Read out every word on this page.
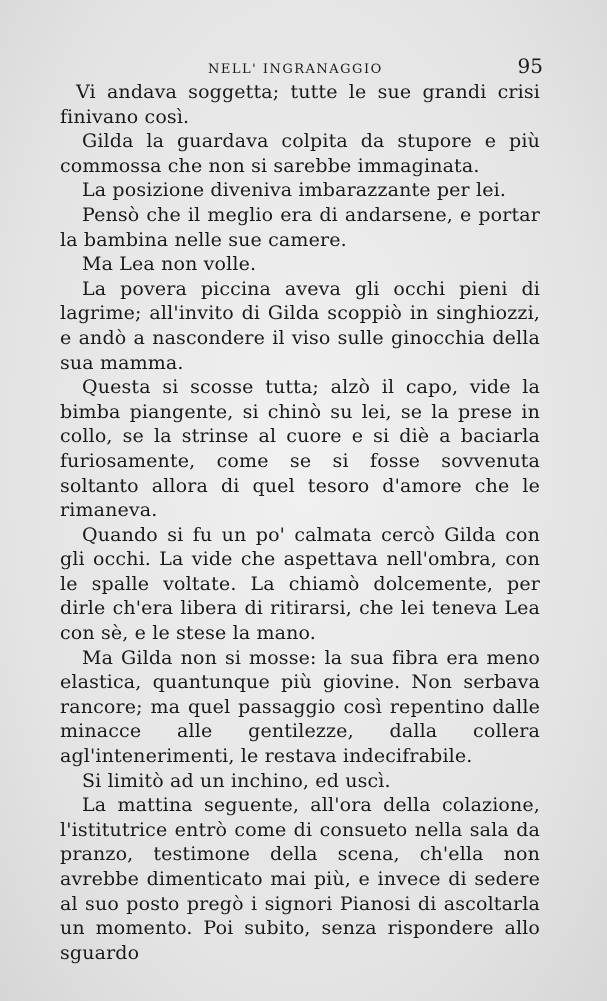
NELL' INGRANAGGIO	95

Vi andava soggetta; tutte le sue grandi crisi finivano così.

Gilda la guardava colpita da stupore e più commossa che non si sarebbe immaginata.

La posizione diveniva imbarazzante per lei.

Pensò che il meglio era di andarsene, e portar la bambina nelle sue camere.

Ma Lea non volle.

La povera piccina aveva gli occhi pieni di lagrime; all'invito di Gilda scoppiò in singhiozzi, e andò a nascondere il viso sulle ginocchia della sua mamma.

Questa si scosse tutta; alzò il capo, vide la bimba piangente, si chinò su lei, se la prese in collo, se la strinse al cuore e si diè a baciarla furiosamente, come se si fosse sovvenuta soltanto allora di quel tesoro d'amore che le rimaneva.

Quando si fu un po' calmata cercò Gilda con gli occhi. La vide che aspettava nell'ombra, con le spalle voltate. La chiamò dolcemente, per dirle ch'era libera di ritirarsi, che lei teneva Lea con sè, e le stese la mano.

Ma Gilda non si mosse: la sua fibra era meno elastica, quantunque più giovine. Non serbava rancore; ma quel passaggio così repentino dalle minacce alle gentilezze, dalla collera agl'intenerimenti, le restava indecifrabile.

Si limitò ad un inchino, ed uscì.

La mattina seguente, all'ora della colazione, l'istitutrice entrò come di consueto nella sala da pranzo, testimone della scena, ch'ella non avrebbe dimenticato mai più, e invece di sedere al suo posto pregò i signori Pianosi di ascoltarla un momento. Poi subito, senza rispondere allo sguardo
